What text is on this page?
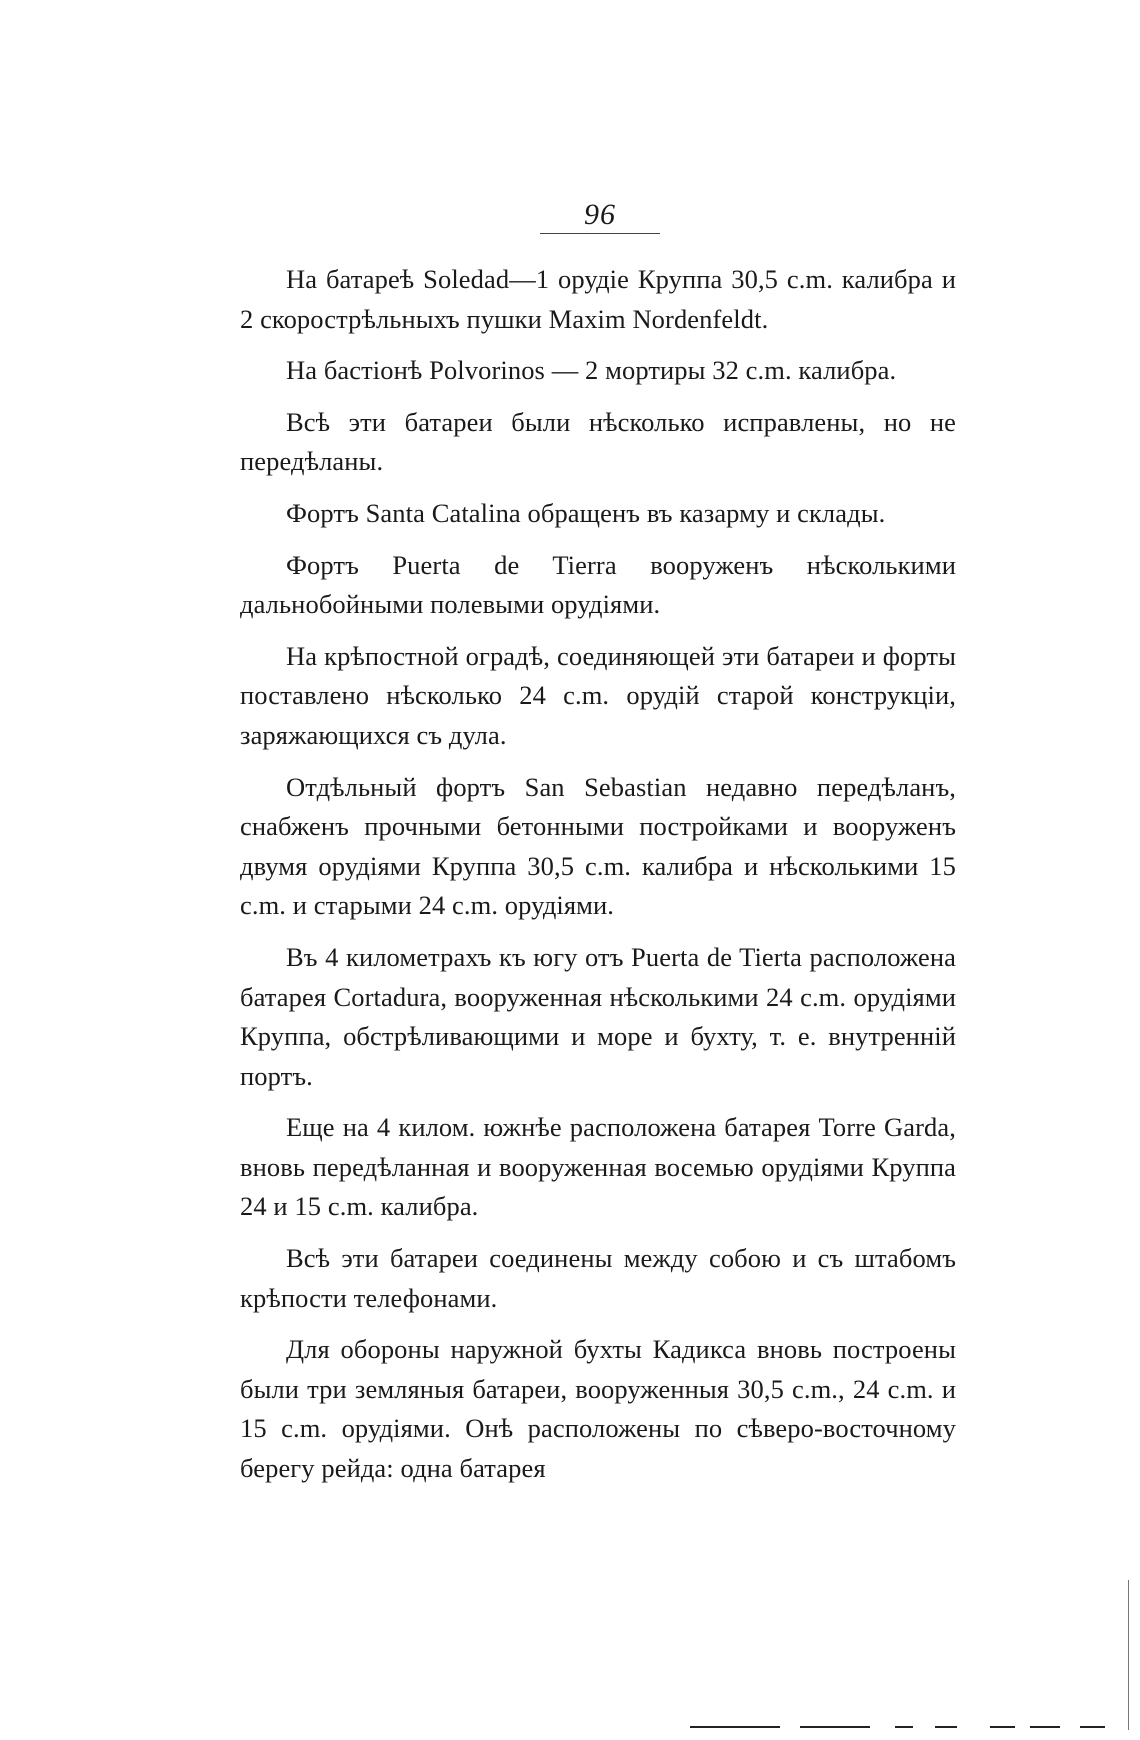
96

На батареѣ Soledad—1 орудіе Круппа 30,5 c.m. калибра и 2 скорострѣльныхъ пушки Maxim Nordenfeldt.

На бастіонѣ Polvorinos — 2 мортиры 32 c.m. калибра.

Всѣ эти батареи были нѣсколько исправлены, но не передѣланы.

Фортъ Santa Catalina обращенъ въ казарму и склады.

Фортъ Puerta de Tierra вооруженъ нѣсколькими дальнобойными полевыми орудіями.

На крѣпостной оградѣ, соединяющей эти батареи и форты поставлено нѣсколько 24 c.m. орудій старой конструкціи, заряжающихся съ дула.

Отдѣльный фортъ San Sebastian недавно передѣланъ, снабженъ прочными бетонными постройками и вооруженъ двумя орудіями Круппа 30,5 c.m. калибра и нѣсколькими 15 c.m. и старыми 24 c.m. орудіями.

Въ 4 километрахъ къ югу отъ Puerta de Tierta расположена батарея Cortadura, вооруженная нѣсколькими 24 c.m. орудіями Круппа, обстрѣливающими и море и бухту, т. е. внутренній портъ.

Еще на 4 килом. южнѣе расположена батарея Torre Garda, вновь передѣланная и вооруженная восемью орудіями Круппа 24 и 15 c.m. калибра.

Всѣ эти батареи соединены между собою и съ штабомъ крѣпости телефонами.

Для обороны наружной бухты Кадикса вновь построены были три земляныя батареи, вооруженныя 30,5 c.m., 24 c.m. и 15 c.m. орудіями. Онѣ расположены по сѣверо-восточному берегу рейда: одна батарея
